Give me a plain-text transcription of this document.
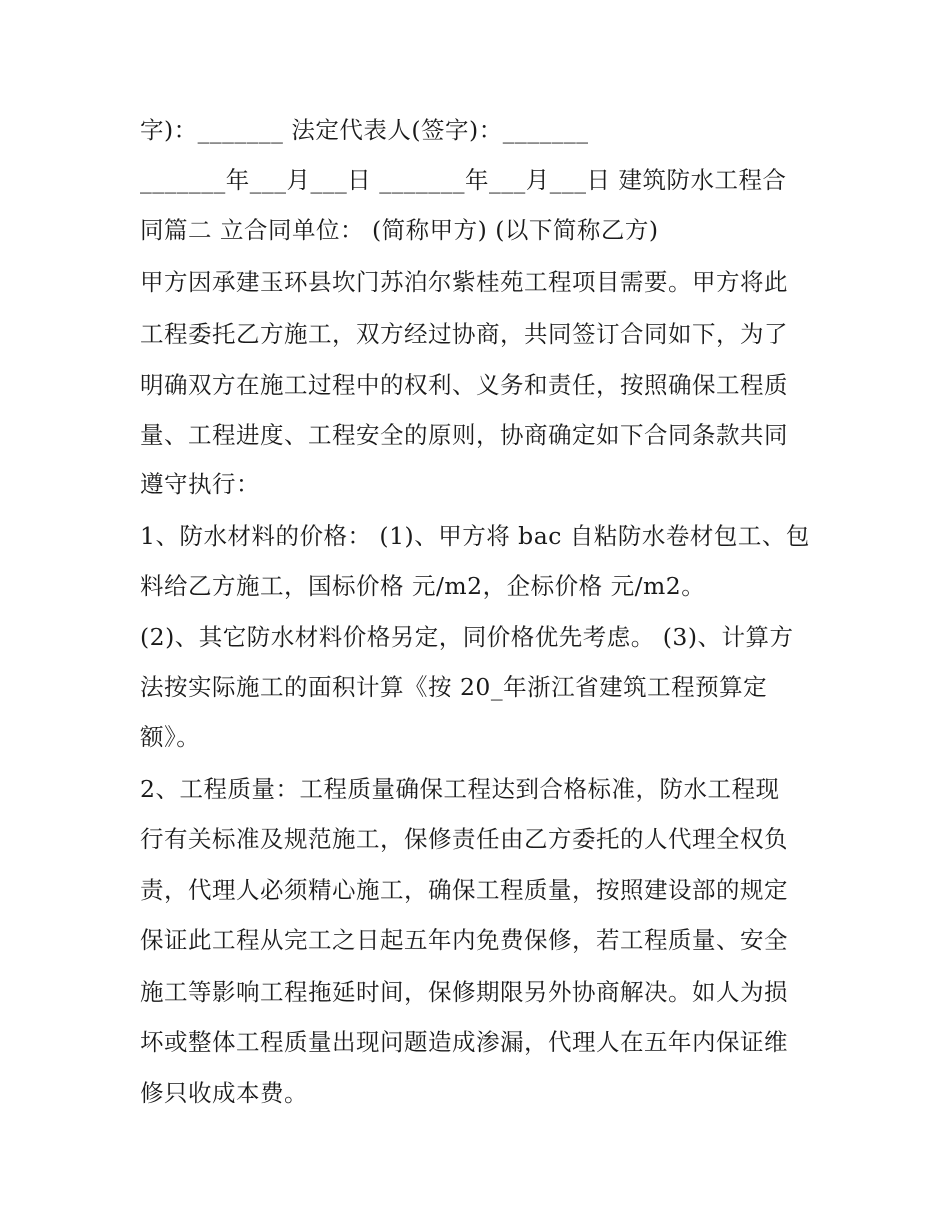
字)：_______ 法定代表人(签字)：_______
_______年___月___日 _______年___月___日 建筑防水工程合
同篇二 立合同单位： (简称甲方) (以下简称乙方)
甲方因承建玉环县坎门苏泊尔紫桂苑工程项目需要。甲方将此
工程委托乙方施工，双方经过协商，共同签订合同如下，为了
明确双方在施工过程中的权利、义务和责任，按照确保工程质
量、工程进度、工程安全的原则，协商确定如下合同条款共同
遵守执行：
1、防水材料的价格： (1)、甲方将 bac 自粘防水卷材包工、包
料给乙方施工，国标价格 元/m2，企标价格 元/m2。
(2)、其它防水材料价格另定，同价格优先考虑。 (3)、计算方
法按实际施工的面积计算《按 20_年浙江省建筑工程预算定
额》。
2、工程质量：工程质量确保工程达到合格标准，防水工程现
行有关标准及规范施工，保修责任由乙方委托的人代理全权负
责，代理人必须精心施工，确保工程质量，按照建设部的规定
保证此工程从完工之日起五年内免费保修，若工程质量、安全
施工等影响工程拖延时间，保修期限另外协商解决。如人为损
坏或整体工程质量出现问题造成渗漏，代理人在五年内保证维
修只收成本费。
